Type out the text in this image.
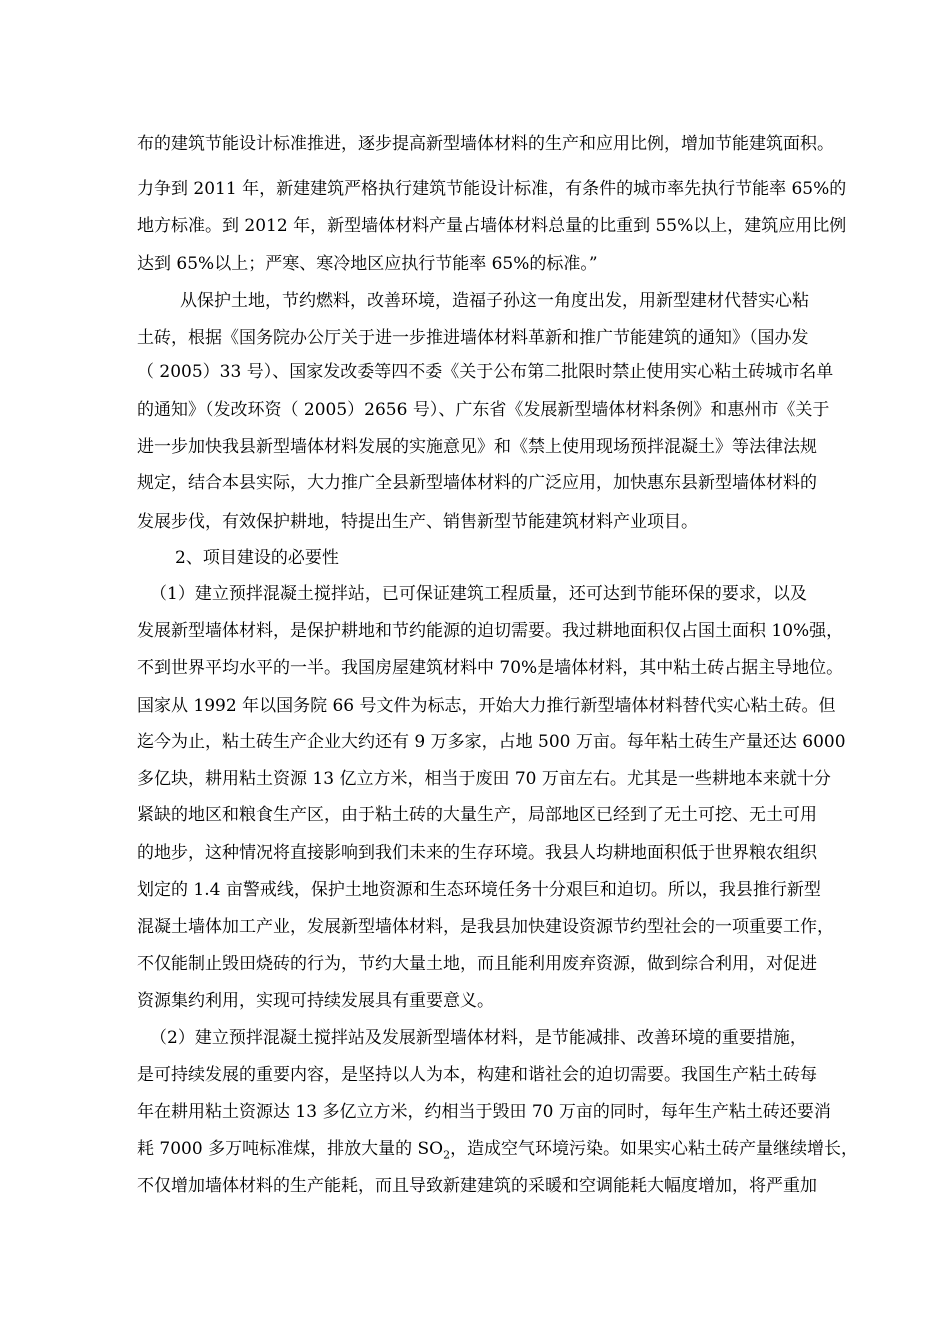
布的建筑节能设计标准推进，逐步提高新型墙体材料的生产和应用比例，增加节能建筑面积。

力争到 2011 年，新建建筑严格执行建筑节能设计标准，有条件的城市率先执行节能率 65%的

地方标准。到 2012 年，新型墙体材料产量占墙体材料总量的比重到 55%以上，建筑应用比例

达到 65%以上；严寒、寒冷地区应执行节能率 65%的标准。”

从保护土地，节约燃料，改善环境，造福子孙这一角度出发，用新型建材代替实心粘

土砖，根据《国务院办公厅关于进一步推进墙体材料革新和推广节能建筑的通知》（国办发

（ 2005）33 号）、国家发改委等四不委《关于公布第二批限时禁止使用实心粘土砖城市名单

的通知》（发改环资（ 2005）2656 号）、广东省《发展新型墙体材料条例》和惠州市《关于

进一步加快我县新型墙体材料发展的实施意见》和《禁上使用现场预拌混凝土》等法律法规

规定，结合本县实际，大力推广全县新型墙体材料的广泛应用，加快惠东县新型墙体材料的

发展步伐，有效保护耕地，特提出生产、销售新型节能建筑材料产业项目。

2、项目建设的必要性

（1）建立预拌混凝土搅拌站，已可保证建筑工程质量，还可达到节能环保的要求，以及

发展新型墙体材料，是保护耕地和节约能源的迫切需要。我过耕地面积仅占国土面积 10%强，

不到世界平均水平的一半。我国房屋建筑材料中 70%是墙体材料，其中粘土砖占据主导地位。

国家从 1992 年以国务院 66 号文件为标志，开始大力推行新型墙体材料替代实心粘土砖。但

迄今为止，粘土砖生产企业大约还有 9 万多家，占地 500 万亩。每年粘土砖生产量还达 6000

多亿块，耕用粘土资源 13 亿立方米，相当于废田 70 万亩左右。尤其是一些耕地本来就十分

紧缺的地区和粮食生产区，由于粘土砖的大量生产，局部地区已经到了无土可挖、无土可用

的地步，这种情况将直接影响到我们未来的生存环境。我县人均耕地面积低于世界粮农组织

划定的 1.4 亩警戒线，保护土地资源和生态环境任务十分艰巨和迫切。所以，我县推行新型

混凝土墙体加工产业，发展新型墙体材料，是我县加快建设资源节约型社会的一项重要工作，

不仅能制止毁田烧砖的行为，节约大量土地，而且能利用废弃资源，做到综合利用，对促进

资源集约利用，实现可持续发展具有重要意义。

（2）建立预拌混凝土搅拌站及发展新型墙体材料，是节能减排、改善环境的重要措施，

是可持续发展的重要内容，是坚持以人为本，构建和谐社会的迫切需要。我国生产粘土砖每

年在耕用粘土资源达 13 多亿立方米，约相当于毁田 70 万亩的同时，每年生产粘土砖还要消

耗 7000 多万吨标准煤，排放大量的 $SO_2$，造成空气环境污染。如果实心粘土砖产量继续增长，

不仅增加墙体材料的生产能耗，而且导致新建建筑的采暖和空调能耗大幅度增加，将严重加
